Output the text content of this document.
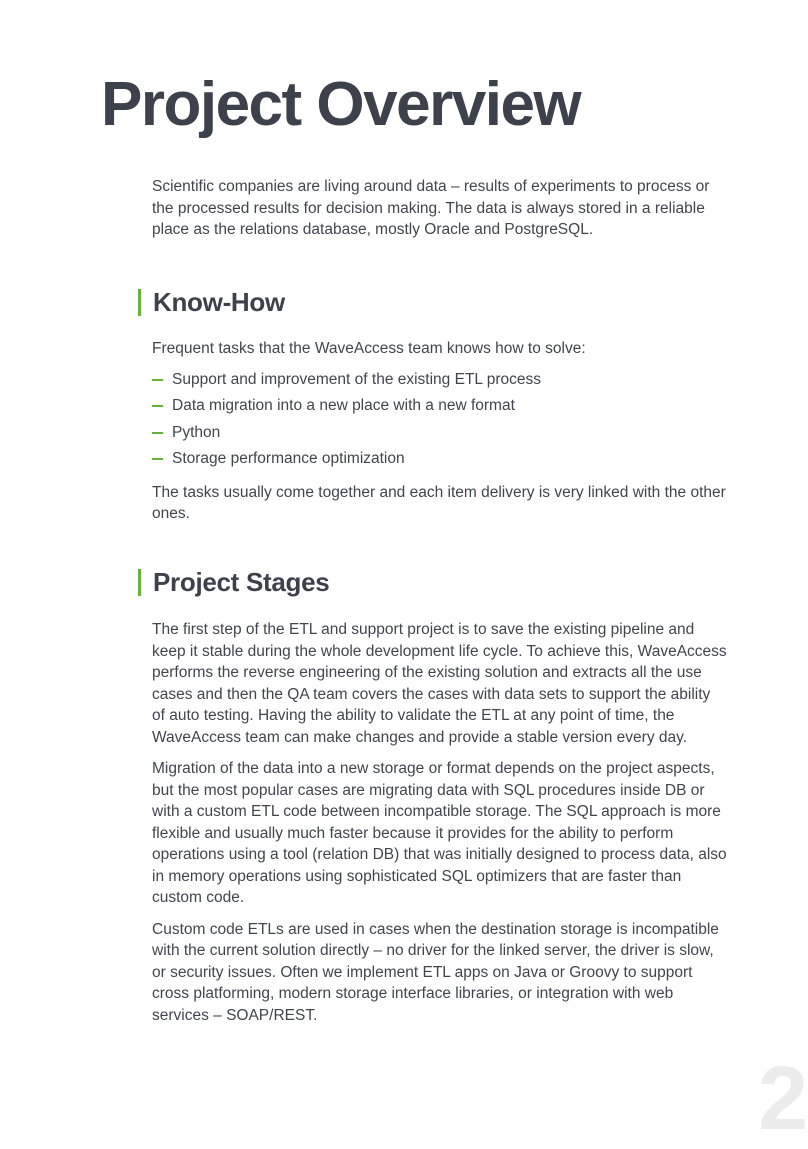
Project Overview

Scientific companies are living around data – results of experiments to process or the processed results for decision making. The data is always stored in a reliable place as the relations database, mostly Oracle and PostgreSQL.

Know-How

Frequent tasks that the WaveAccess team knows how to solve:

Support and improvement of the existing ETL process
Data migration into a new place with a new format
Python
Storage performance optimization

The tasks usually come together and each item delivery is very linked with the other ones.

Project Stages

The first step of the ETL and support project is to save the existing pipeline and keep it stable during the whole development life cycle. To achieve this, WaveAccess performs the reverse engineering of the existing solution and extracts all the use cases and then the QA team covers the cases with data sets to support the ability of auto testing. Having the ability to validate the ETL at any point of time, the WaveAccess team can make changes and provide a stable version every day.

Migration of the data into a new storage or format depends on the project aspects, but the most popular cases are migrating data with SQL procedures inside DB or with a custom ETL code between incompatible storage. The SQL approach is more flexible and usually much faster because it provides for the ability to perform operations using a tool (relation DB) that was initially designed to process data, also in memory operations using sophisticated SQL optimizers that are faster than custom code.

Custom code ETLs are used in cases when the destination storage is incompatible with the current solution directly – no driver for the linked server, the driver is slow, or security issues. Often we implement ETL apps on Java or Groovy to support cross platforming, modern storage interface libraries, or integration with web services – SOAP/REST.

2
